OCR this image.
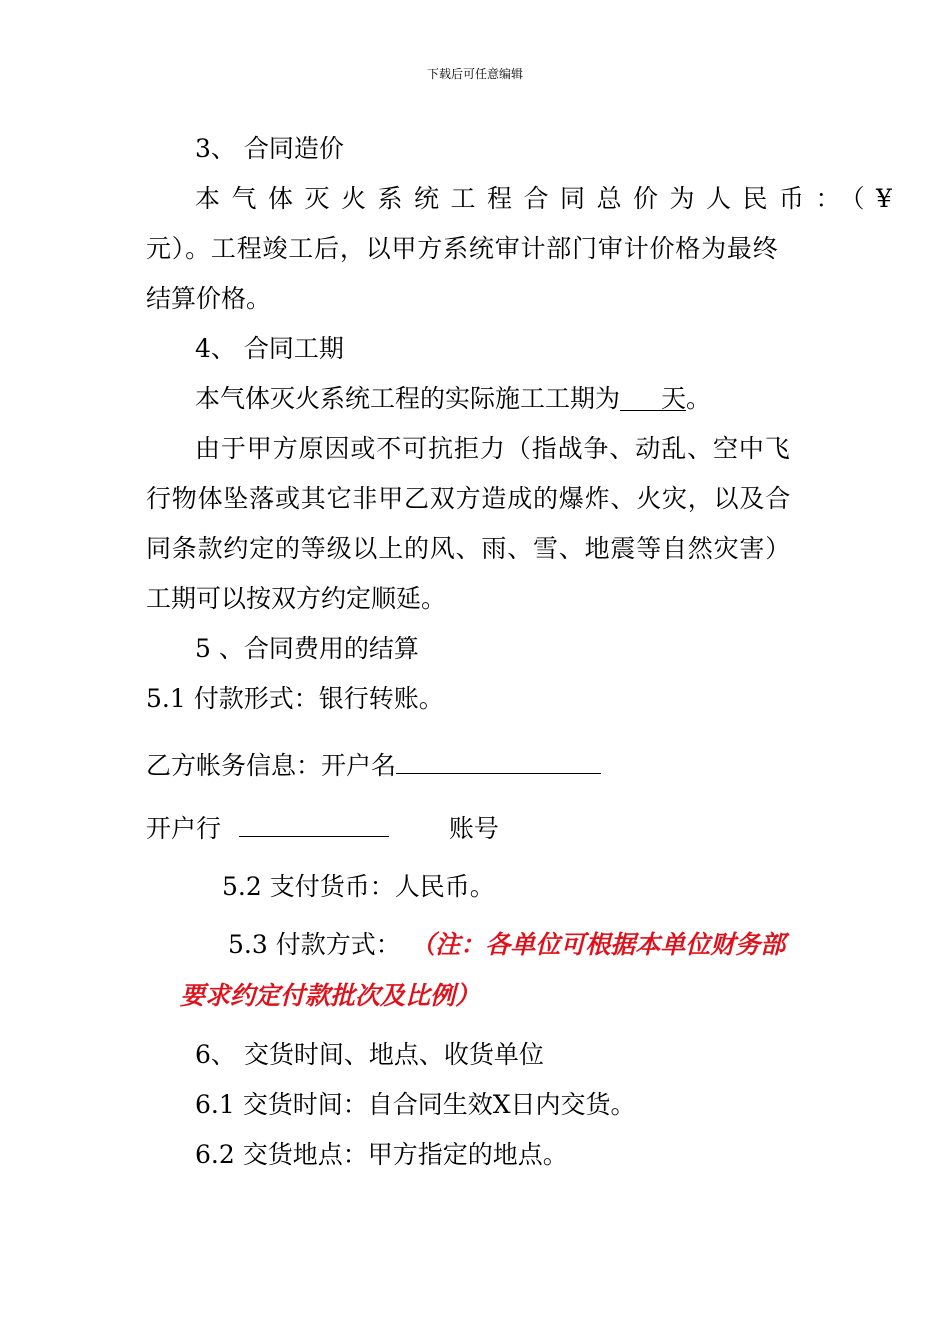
下载后可任意编辑
3、 合同造价
本气体灭火系统工程合同总价为人民币：（¥
元）。工程竣工后，以甲方系统审计部门审计价格为最终
结算价格。
4、 合同工期
本气体灭火系统工程的实际施工工期为 天。
由于甲方原因或不可抗拒力（指战争、动乱、空中飞
行物体坠落或其它非甲乙双方造成的爆炸、火灾，以及合
同条款约定的等级以上的风、雨、雪、地震等自然灾害）
工期可以按双方约定顺延。
5 、合同费用的结算
5.1 付款形式：银行转账。
乙方帐务信息：开户名
开户行	账号
5.2 支付货币：人民币。
5.3 付款方式： （注：各单位可根据本单位财务部
要求约定付款批次及比例）
6、 交货时间、地点、收货单位
6.1 交货时间：自合同生效X日内交货。
6.2 交货地点：甲方指定的地点。
